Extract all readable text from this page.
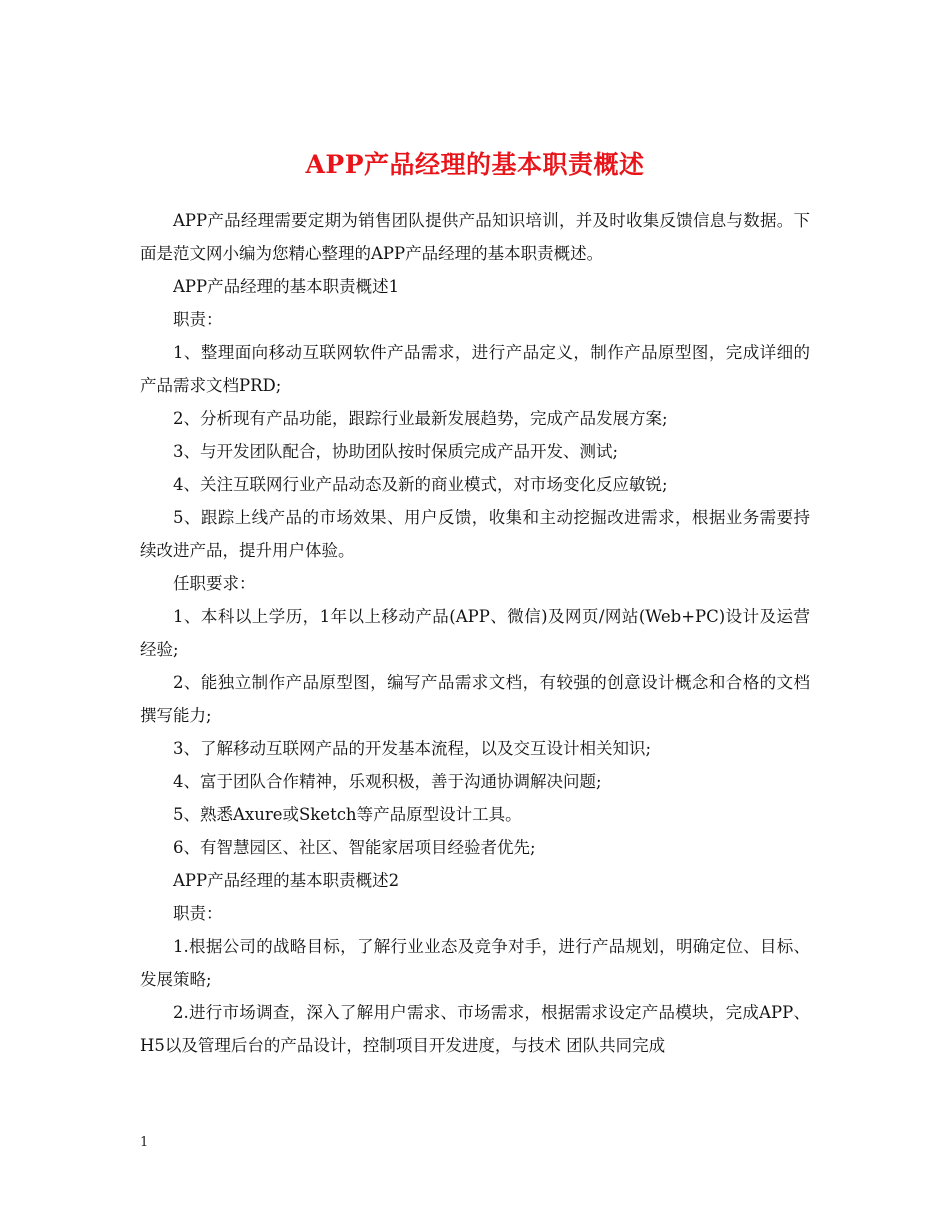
APP产品经理的基本职责概述

APP产品经理需要定期为销售团队提供产品知识培训，并及时收集反馈信息与数据。下面是范文网小编为您精心整理的APP产品经理的基本职责概述。

APP产品经理的基本职责概述1

职责：

1、整理面向移动互联网软件产品需求，进行产品定义，制作产品原型图，完成详细的产品需求文档PRD;

2、分析现有产品功能，跟踪行业最新发展趋势，完成产品发展方案;

3、与开发团队配合，协助团队按时保质完成产品开发、测试;

4、关注互联网行业产品动态及新的商业模式，对市场变化反应敏锐;

5、跟踪上线产品的市场效果、用户反馈，收集和主动挖掘改进需求，根据业务需要持续改进产品，提升用户体验。

任职要求：

1、本科以上学历，1年以上移动产品(APP、微信)及网页/网站(Web+PC)设计及运营经验;

2、能独立制作产品原型图，编写产品需求文档，有较强的创意设计概念和合格的文档撰写能力;

3、了解移动互联网产品的开发基本流程，以及交互设计相关知识;

4、富于团队合作精神，乐观积极，善于沟通协调解决问题;

5、熟悉Axure或Sketch等产品原型设计工具。

6、有智慧园区、社区、智能家居项目经验者优先;

APP产品经理的基本职责概述2

职责：

1.根据公司的战略目标，了解行业业态及竞争对手，进行产品规划，明确定位、目标、发展策略;

2.进行市场调查，深入了解用户需求、市场需求，根据需求设定产品模块，完成APP、H5以及管理后台的产品设计，控制项目开发进度，与技术 团队共同完成

1
